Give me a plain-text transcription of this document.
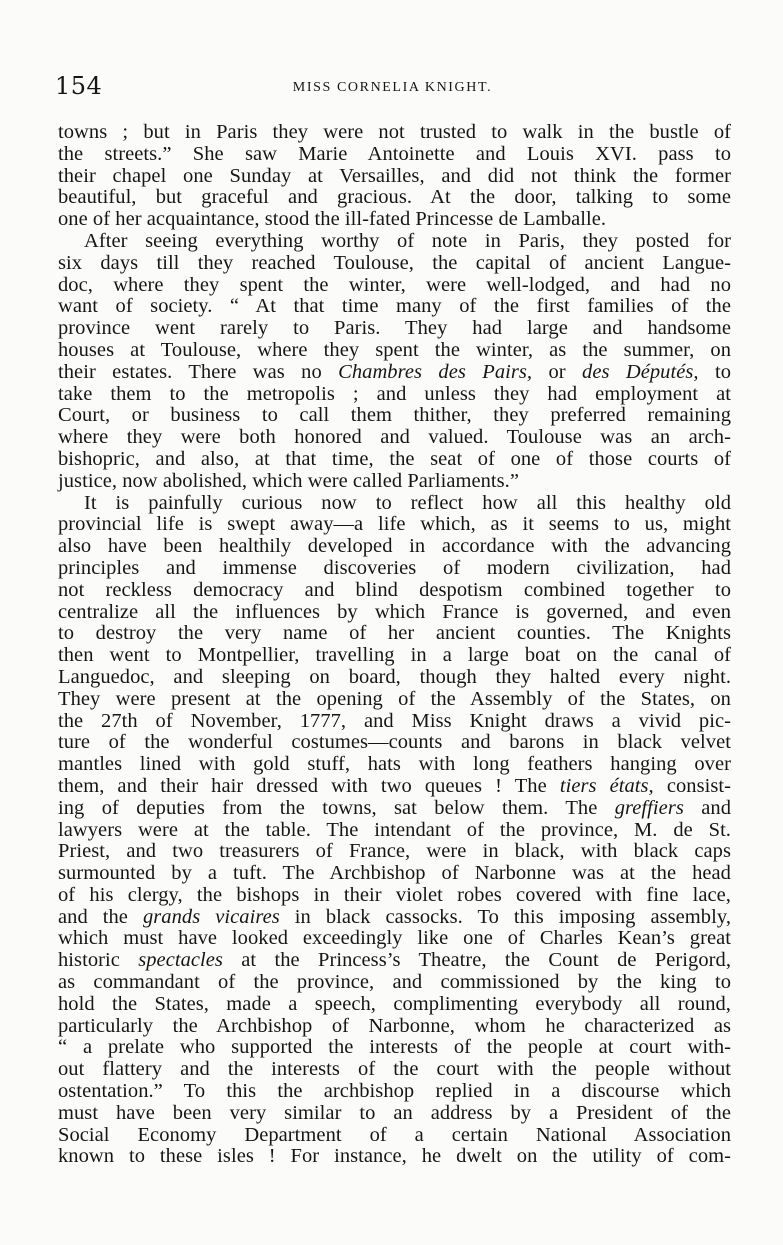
154	MISS CORNELIA KNIGHT.
towns ; but in Paris they were not trusted to walk in the bustle of
the streets.” She saw Marie Antoinette and Louis XVI. pass to
their chapel one Sunday at Versailles, and did not think the former
beautiful, but graceful and gracious. At the door, talking to some
one of her acquaintance, stood the ill-fated Princesse de Lamballe.
After seeing everything worthy of note in Paris, they posted for
six days till they reached Toulouse, the capital of ancient Langue-
doc, where they spent the winter, were well-lodged, and had no
want of society. “ At that time many of the first families of the
province went rarely to Paris. They had large and handsome
houses at Toulouse, where they spent the winter, as the summer, on
their estates. There was no Chambres des Pairs, or des Députés, to
take them to the metropolis ; and unless they had employment at
Court, or business to call them thither, they preferred remaining
where they were both honored and valued. Toulouse was an arch-
bishopric, and also, at that time, the seat of one of those courts of
justice, now abolished, which were called Parliaments.”
It is painfully curious now to reflect how all this healthy old
provincial life is swept away—a life which, as it seems to us, might
also have been healthily developed in accordance with the advancing
principles and immense discoveries of modern civilization, had
not reckless democracy and blind despotism combined together to
centralize all the influences by which France is governed, and even
to destroy the very name of her ancient counties. The Knights
then went to Montpellier, travelling in a large boat on the canal of
Languedoc, and sleeping on board, though they halted every night.
They were present at the opening of the Assembly of the States, on
the 27th of November, 1777, and Miss Knight draws a vivid pic-
ture of the wonderful costumes—counts and barons in black velvet
mantles lined with gold stuff, hats with long feathers hanging over
them, and their hair dressed with two queues ! The tiers états, consist-
ing of deputies from the towns, sat below them. The greffiers and
lawyers were at the table. The intendant of the province, M. de St.
Priest, and two treasurers of France, were in black, with black caps
surmounted by a tuft. The Archbishop of Narbonne was at the head
of his clergy, the bishops in their violet robes covered with fine lace,
and the grands vicaires in black cassocks. To this imposing assembly,
which must have looked exceedingly like one of Charles Kean’s great
historic spectacles at the Princess’s Theatre, the Count de Perigord,
as commandant of the province, and commissioned by the king to
hold the States, made a speech, complimenting everybody all round,
particularly the Archbishop of Narbonne, whom he characterized as
“ a prelate who supported the interests of the people at court with-
out flattery and the interests of the court with the people without
ostentation.” To this the archbishop replied in a discourse which
must have been very similar to an address by a President of the
Social Economy Department of a certain National Association
known to these isles ! For instance, he dwelt on the utility of com-
